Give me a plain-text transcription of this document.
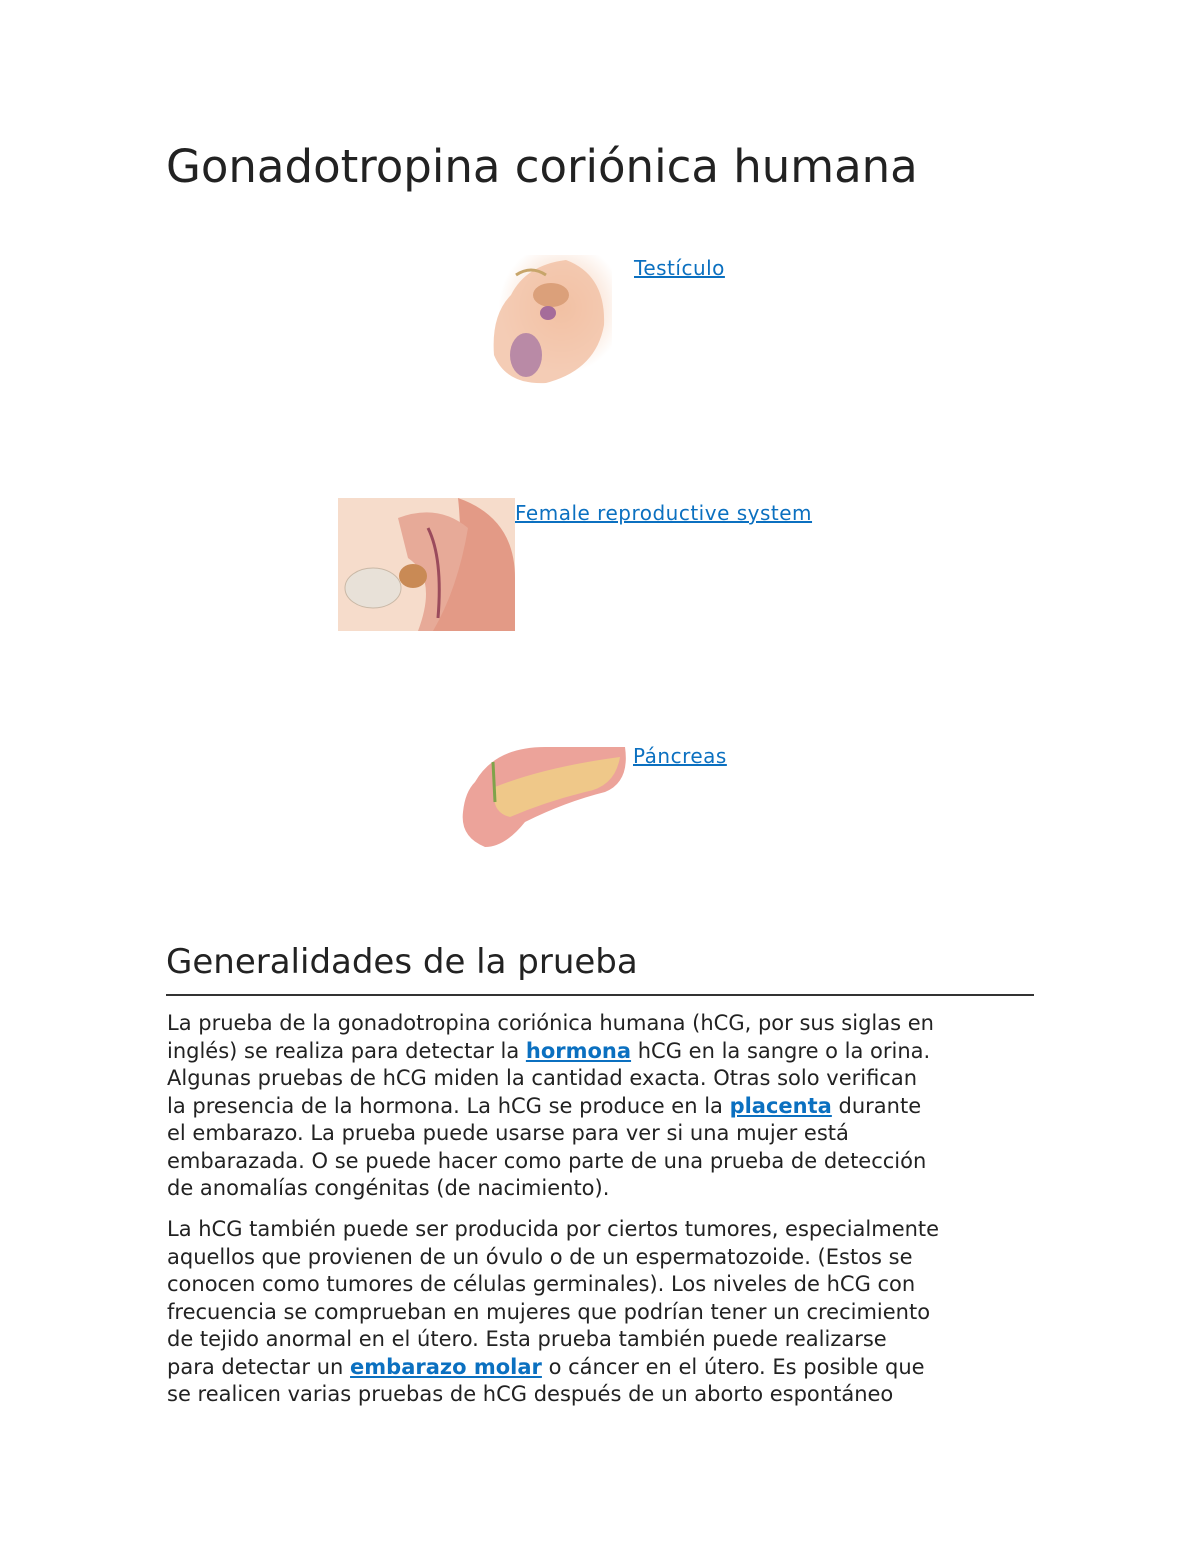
Gonadotropina coriónica humana
Testículo
Female reproductive system
Páncreas
Generalidades de la prueba
La prueba de la gonadotropina coriónica humana (hCG, por sus siglas en
inglés) se realiza para detectar la hormona hCG en la sangre o la orina.
Algunas pruebas de hCG miden la cantidad exacta. Otras solo verifican
la presencia de la hormona. La hCG se produce en la placenta durante
el embarazo. La prueba puede usarse para ver si una mujer está
embarazada. O se puede hacer como parte de una prueba de detección
de anomalías congénitas (de nacimiento).
La hCG también puede ser producida por ciertos tumores, especialmente
aquellos que provienen de un óvulo o de un espermatozoide. (Estos se
conocen como tumores de células germinales). Los niveles de hCG con
frecuencia se comprueban en mujeres que podrían tener un crecimiento
de tejido anormal en el útero. Esta prueba también puede realizarse
para detectar un embarazo molar o cáncer en el útero. Es posible que
se realicen varias pruebas de hCG después de un aborto espontáneo
